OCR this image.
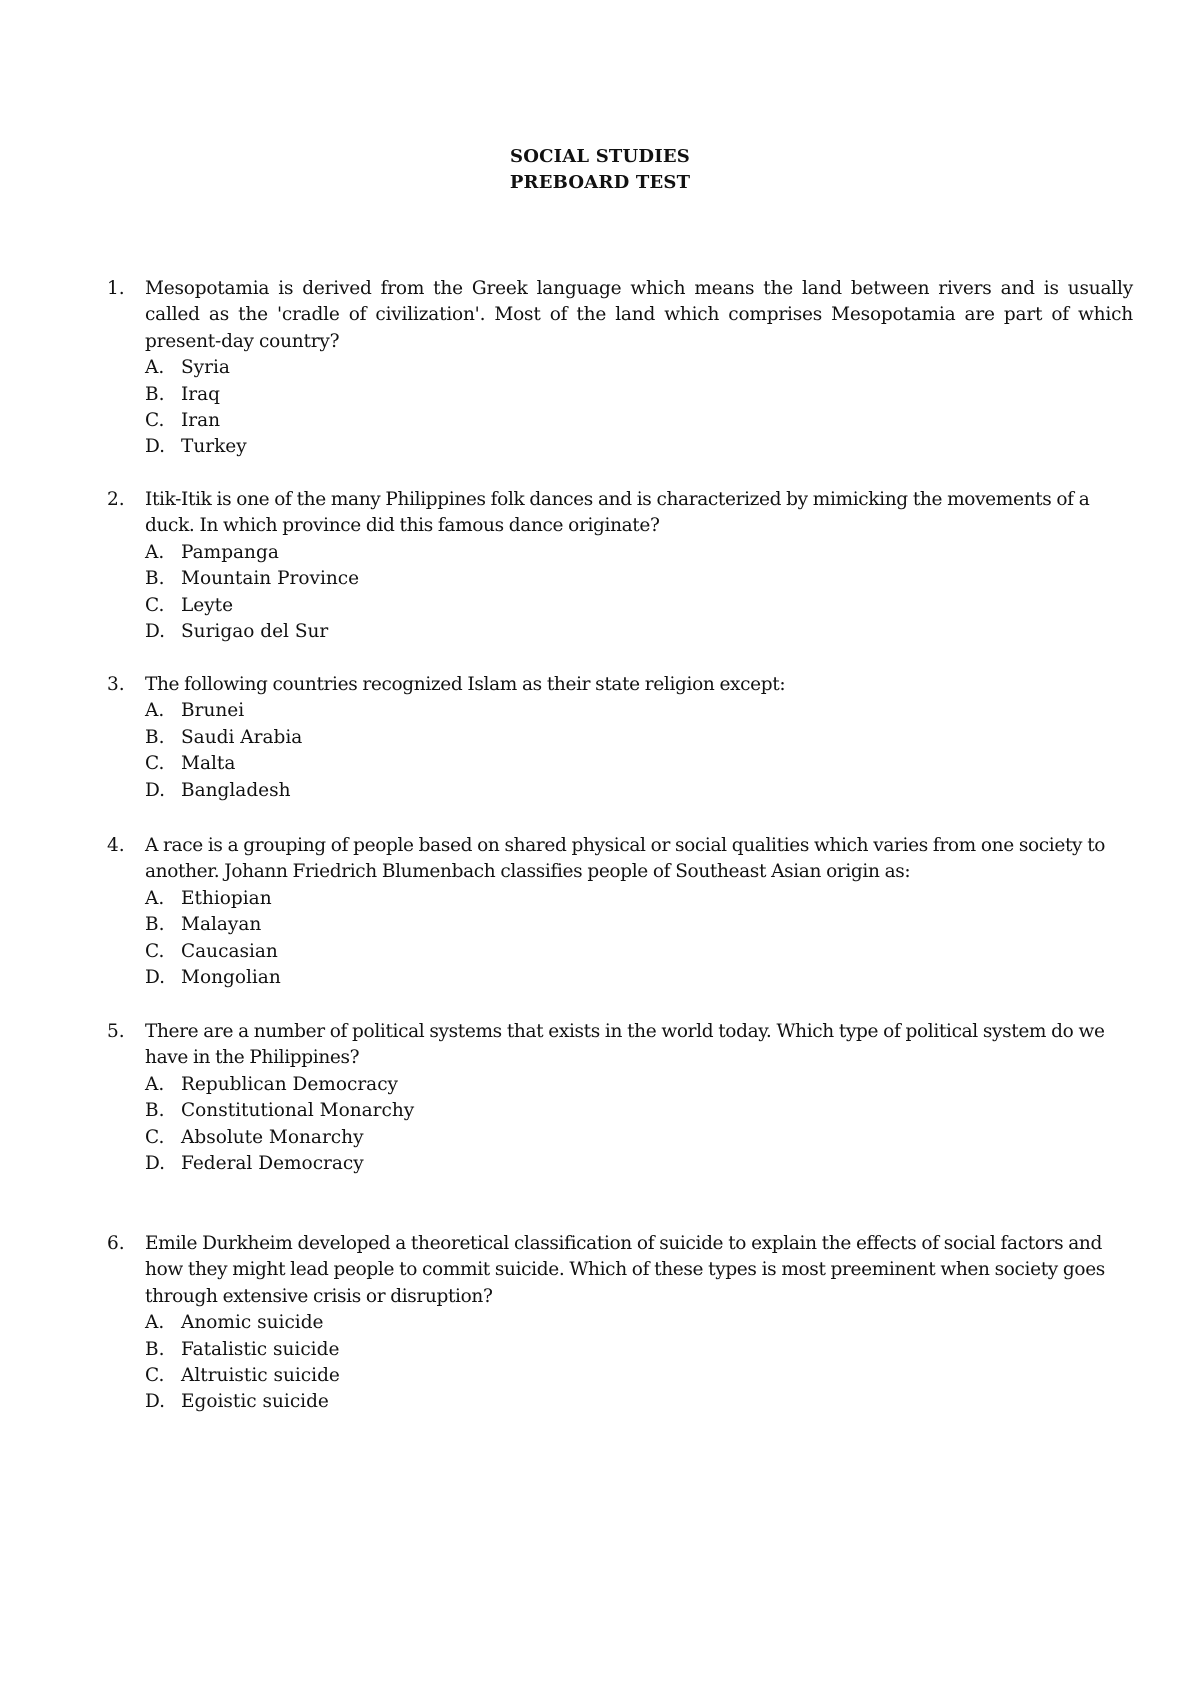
SOCIAL STUDIES
PREBOARD TEST
1. Mesopotamia is derived from the Greek language which means the land between rivers and is usually called as the 'cradle of civilization'. Most of the land which comprises Mesopotamia are part of which present-day country?
A. Syria
B. Iraq
C. Iran
D. Turkey
2. Itik-Itik is one of the many Philippines folk dances and is characterized by mimicking the movements of a duck. In which province did this famous dance originate?
A. Pampanga
B. Mountain Province
C. Leyte
D. Surigao del Sur
3. The following countries recognized Islam as their state religion except:
A. Brunei
B. Saudi Arabia
C. Malta
D. Bangladesh
4. A race is a grouping of people based on shared physical or social qualities which varies from one society to another. Johann Friedrich Blumenbach classifies people of Southeast Asian origin as:
A. Ethiopian
B. Malayan
C. Caucasian
D. Mongolian
5. There are a number of political systems that exists in the world today. Which type of political system do we have in the Philippines?
A. Republican Democracy
B. Constitutional Monarchy
C. Absolute Monarchy
D. Federal Democracy
6. Emile Durkheim developed a theoretical classification of suicide to explain the effects of social factors and how they might lead people to commit suicide. Which of these types is most preeminent when society goes through extensive crisis or disruption?
A. Anomic suicide
B. Fatalistic suicide
C. Altruistic suicide
D. Egoistic suicide
